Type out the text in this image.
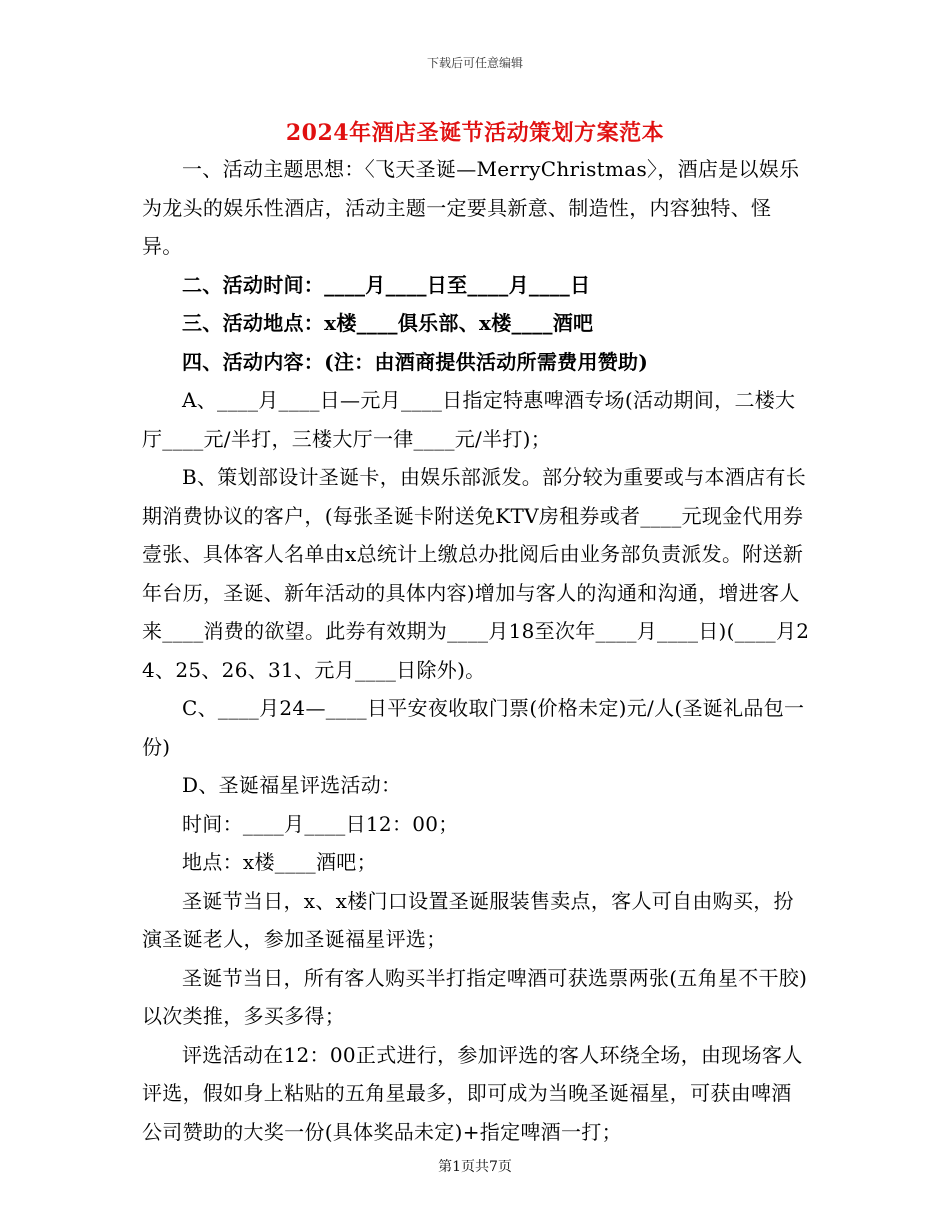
下载后可任意编辑
2024年酒店圣诞节活动策划方案范本

一、活动主题思想：〈飞天圣诞—MerryChristmas〉，酒店是以娱乐为龙头的娱乐性酒店，活动主题一定要具新意、制造性，内容独特、怪异。

二、活动时间：____月____日至____月____日

三、活动地点：x楼____俱乐部、x楼____酒吧

四、活动内容：(注：由酒商提供活动所需费用赞助)

A、____月____日—元月____日指定特惠啤酒专场(活动期间，二楼大厅____元/半打，三楼大厅一律____元/半打)；

B、策划部设计圣诞卡，由娱乐部派发。部分较为重要或与本酒店有长期消费协议的客户，(每张圣诞卡附送免KTV房租券或者____元现金代用券壹张、具体客人名单由x总统计上缴总办批阅后由业务部负责派发。附送新年台历，圣诞、新年活动的具体内容)增加与客人的沟通和沟通，增进客人来____消费的欲望。此券有效期为____月18至次年____月____日)(____月24、25、26、31、元月____日除外)。

C、____月24—____日平安夜收取门票(价格未定)元/人(圣诞礼品包一份)

D、圣诞福星评选活动：

时间：____月____日12：00；

地点：x楼____酒吧；

圣诞节当日，x、x楼门口设置圣诞服装售卖点，客人可自由购买，扮演圣诞老人，参加圣诞福星评选；

圣诞节当日，所有客人购买半打指定啤酒可获选票两张(五角星不干胶)以次类推，多买多得；

评选活动在12：00正式进行，参加评选的客人环绕全场，由现场客人评选，假如身上粘贴的五角星最多，即可成为当晚圣诞福星，可获由啤酒公司赞助的大奖一份(具体奖品未定)+指定啤酒一打；

第1页共7页
